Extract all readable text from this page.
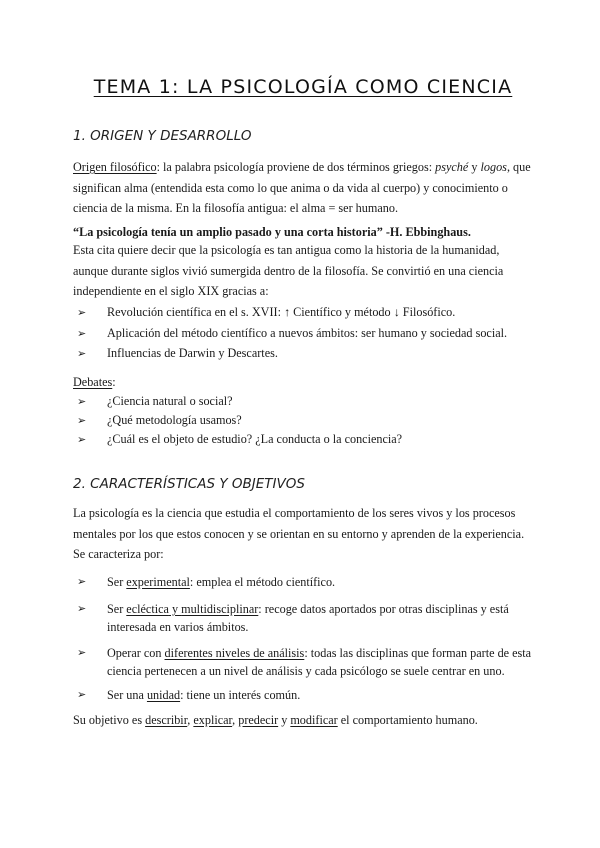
TEMA 1: LA PSICOLOGÍA COMO CIENCIA
1. ORIGEN Y DESARROLLO

Origen filosófico: la palabra psicología proviene de dos términos griegos: psyché y logos, que significan alma (entendida esta como lo que anima o da vida al cuerpo) y conocimiento o ciencia de la misma. En la filosofía antigua: el alma = ser humano.

“La psicología tenía un amplio pasado y una corta historia” -H. Ebbinghaus.

Esta cita quiere decir que la psicología es tan antigua como la historia de la humanidad, aunque durante siglos vivió sumergida dentro de la filosofía. Se convirtió en una ciencia independiente en el siglo XIX gracias a:

➢ Revolución científica en el s. XVII: ↑ Científico y método ↓ Filosófico.
➢ Aplicación del método científico a nuevos ámbitos: ser humano y sociedad social.
➢ Influencias de Darwin y Descartes.

Debates:

➢ ¿Ciencia natural o social?
➢ ¿Qué metodología usamos?
➢ ¿Cuál es el objeto de estudio? ¿La conducta o la conciencia?
2. CARACTERÍSTICAS Y OBJETIVOS

La psicología es la ciencia que estudia el comportamiento de los seres vivos y los procesos mentales por los que estos conocen y se orientan en su entorno y aprenden de la experiencia. Se caracteriza por:

➢	Ser experimental: emplea el método científico.
➢	Ser ecléctica y multidisciplinar: recoge datos aportados por otras disciplinas y está interesada en varios ámbitos.
➢	Operar con diferentes niveles de análisis: todas las disciplinas que forman parte de esta ciencia pertenecen a un nivel de análisis y cada psicólogo se suele centrar en uno.
➢	Ser una unidad: tiene un interés común.

Su objetivo es describir, explicar, predecir y modificar el comportamiento humano.
